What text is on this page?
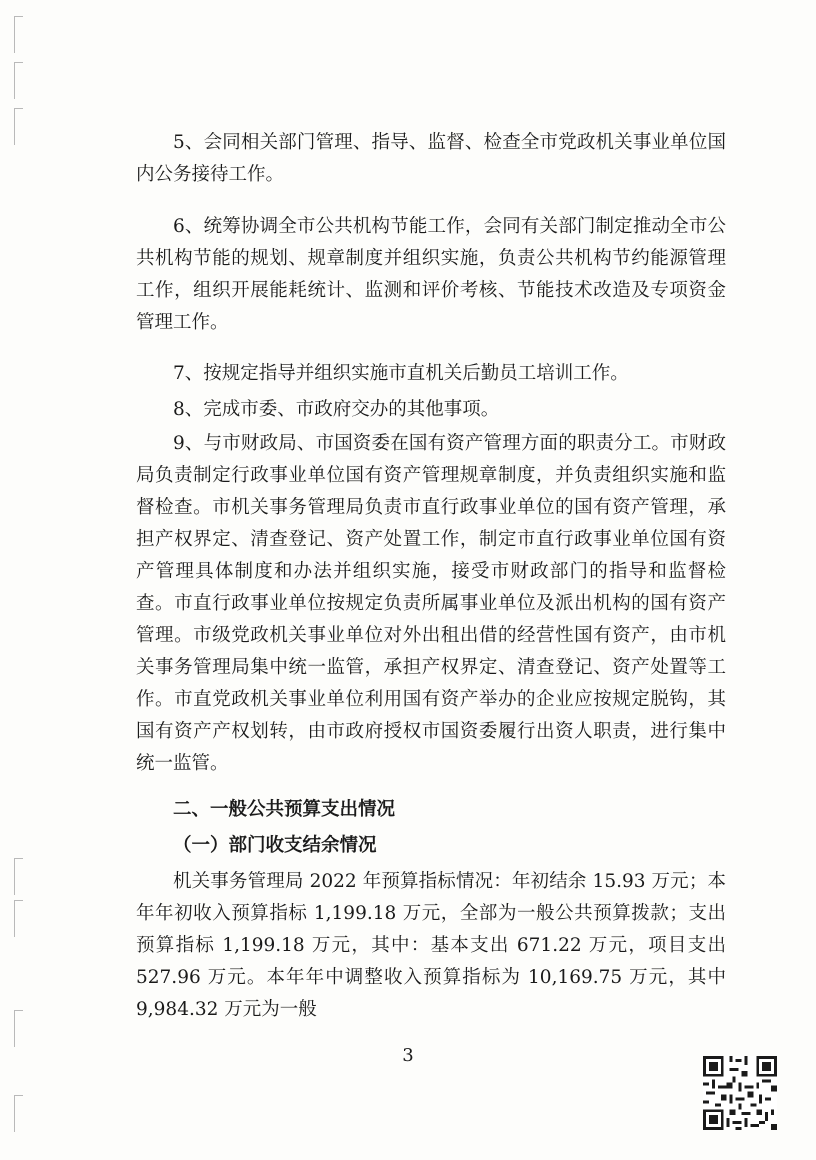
5、会同相关部门管理、指导、监督、检查全市党政机关事业单位国内公务接待工作。

6、统筹协调全市公共机构节能工作，会同有关部门制定推动全市公共机构节能的规划、规章制度并组织实施，负责公共机构节约能源管理工作，组织开展能耗统计、监测和评价考核、节能技术改造及专项资金管理工作。

7、按规定指导并组织实施市直机关后勤员工培训工作。

8、完成市委、市政府交办的其他事项。

9、与市财政局、市国资委在国有资产管理方面的职责分工。市财政局负责制定行政事业单位国有资产管理规章制度，并负责组织实施和监督检查。市机关事务管理局负责市直行政事业单位的国有资产管理，承担产权界定、清查登记、资产处置工作，制定市直行政事业单位国有资产管理具体制度和办法并组织实施，接受市财政部门的指导和监督检查。市直行政事业单位按规定负责所属事业单位及派出机构的国有资产管理。市级党政机关事业单位对外出租出借的经营性国有资产，由市机关事务管理局集中统一监管，承担产权界定、清查登记、资产处置等工作。市直党政机关事业单位利用国有资产举办的企业应按规定脱钩，其国有资产产权划转，由市政府授权市国资委履行出资人职责，进行集中统一监管。

二、一般公共预算支出情况

（一）部门收支结余情况

机关事务管理局 2022 年预算指标情况：年初结余 15.93 万元；本年年初收入预算指标 1,199.18 万元，全部为一般公共预算拨款；支出预算指标 1,199.18 万元，其中：基本支出 671.22 万元，项目支出 527.96 万元。本年年中调整收入预算指标为 10,169.75 万元，其中 9,984.32 万元为一般

3
